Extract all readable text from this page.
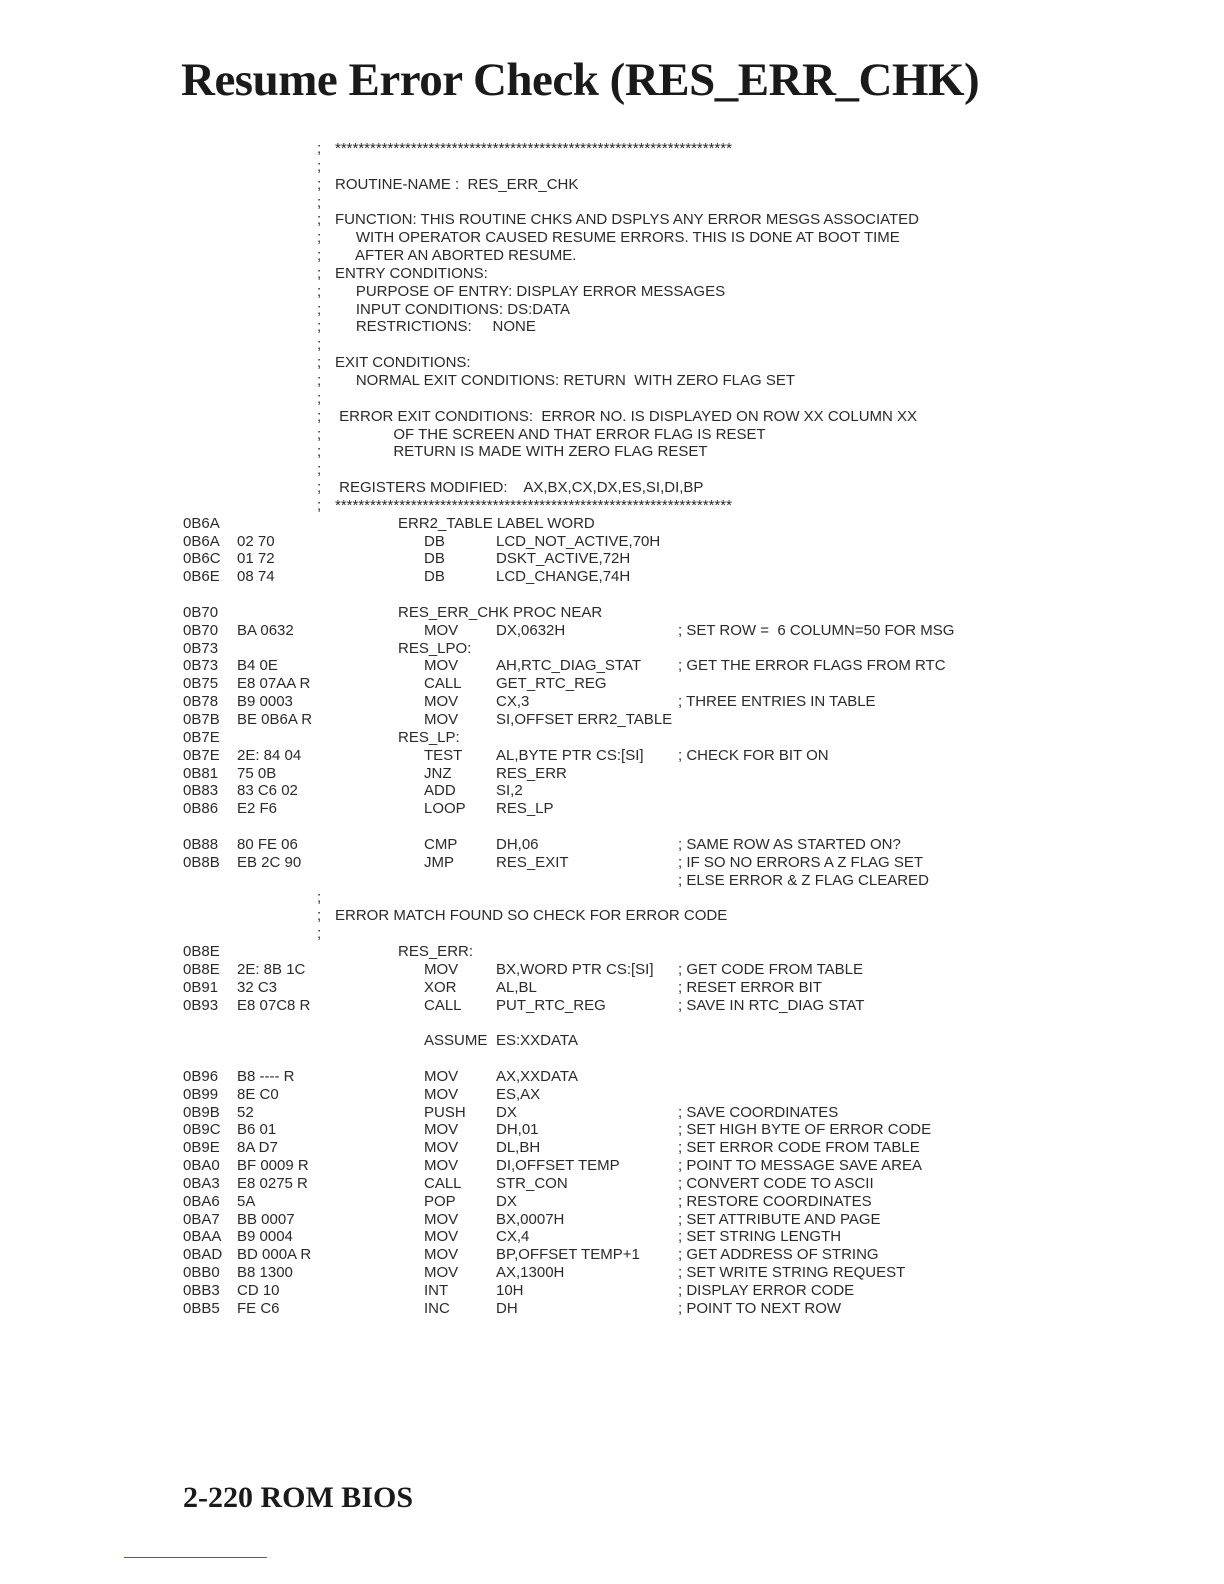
Resume Error Check (RES_ERR_CHK)
; ********************************************************************
;
; ROUTINE-NAME :  RES_ERR_CHK
;
; FUNCTION: THIS ROUTINE CHKS AND DSPLYS ANY ERROR MESGS ASSOCIATED
; WITH OPERATOR CAUSED RESUME ERRORS. THIS IS DONE AT BOOT TIME
; AFTER AN ABORTED RESUME.
; ENTRY CONDITIONS:
; PURPOSE OF ENTRY: DISPLAY ERROR MESSAGES
; INPUT CONDITIONS: DS:DATA
; RESTRICTIONS:     NONE
;
; EXIT CONDITIONS:
; NORMAL EXIT CONDITIONS: RETURN  WITH ZERO FLAG SET
;
; ERROR EXIT CONDITIONS:  ERROR NO. IS DISPLAYED ON ROW XX COLUMN XX
; OF THE SCREEN AND THAT ERROR FLAG IS RESET
; RETURN IS MADE WITH ZERO FLAG RESET
;
; REGISTERS MODIFIED:    AX,BX,CX,DX,ES,SI,DI,BP
; ********************************************************************
0B6A	ERR2_TABLE LABEL WORD
0B6A 02 70	DB	LCD_NOT_ACTIVE,70H
0B6C 01 72	DB	DSKT_ACTIVE,72H
0B6E 08 74	DB	LCD_CHANGE,74H
0B70	RES_ERR_CHK PROC NEAR
0B70 BA 0632	MOV	DX,0632H	; SET ROW =  6 COLUMN=50 FOR MSG
0B73	RES_LPO:
0B73 B4 0E	MOV	AH,RTC_DIAG_STAT ; GET THE ERROR FLAGS FROM RTC
0B75 E8 07AA R	CALL GET_RTC_REG
0B78 B9 0003	MOV	CX,3	; THREE ENTRIES IN TABLE
0B7B BE 0B6A R	MOV	SI,OFFSET ERR2_TABLE
0B7E	RES_LP:
0B7E 2E: 84 04	TEST AL,BYTE PTR CS:[SI] ; CHECK FOR BIT ON
0B81 75 0B	JNZ	RES_ERR
0B83 83 C6 02	ADD	SI,2
0B86 E2 F6	LOOP RES_LP
0B88 80 FE 06	CMP	DH,06	; SAME ROW AS STARTED ON?
0B8B EB 2C 90	JMP	RES_EXIT	; IF SO NO ERRORS A Z FLAG SET
; ELSE ERROR & Z FLAG CLEARED
;
; ERROR MATCH FOUND SO CHECK FOR ERROR CODE
;
0B8E	RES_ERR:
0B8E 2E: 8B 1C	MOV	BX,WORD PTR CS:[SI] ; GET CODE FROM TABLE
0B91 32 C3	XOR	AL,BL	; RESET ERROR BIT
0B93 E8 07C8 R	CALL PUT_RTC_REG	; SAVE IN RTC_DIAG STAT
ASSUME ES:XXDATA
0B96 B8 ---- R	MOV	AX,XXDATA
0B99 8E C0	MOV	ES,AX
0B9B 52	PUSH DX	; SAVE COORDINATES
0B9C B6 01	MOV	DH,01	; SET HIGH BYTE OF ERROR CODE
0B9E 8A D7	MOV	DL,BH	; SET ERROR CODE FROM TABLE
0BA0 BF 0009 R	MOV	DI,OFFSET TEMP	; POINT TO MESSAGE SAVE AREA
0BA3 E8 0275 R	CALL STR_CON	; CONVERT CODE TO ASCII
0BA6 5A	POP	DX	; RESTORE COORDINATES
0BA7 BB 0007	MOV	BX,0007H	; SET ATTRIBUTE AND PAGE
0BAA B9 0004	MOV	CX,4	; SET STRING LENGTH
0BAD BD 000A R	MOV	BP,OFFSET TEMP+1	; GET ADDRESS OF STRING
0BB0 B8 1300	MOV	AX,1300H	; SET WRITE STRING REQUEST
0BB3 CD 10	INT	10H	; DISPLAY ERROR CODE
0BB5 FE C6	INC	DH	; POINT TO NEXT ROW
2-220 ROM BIOS
